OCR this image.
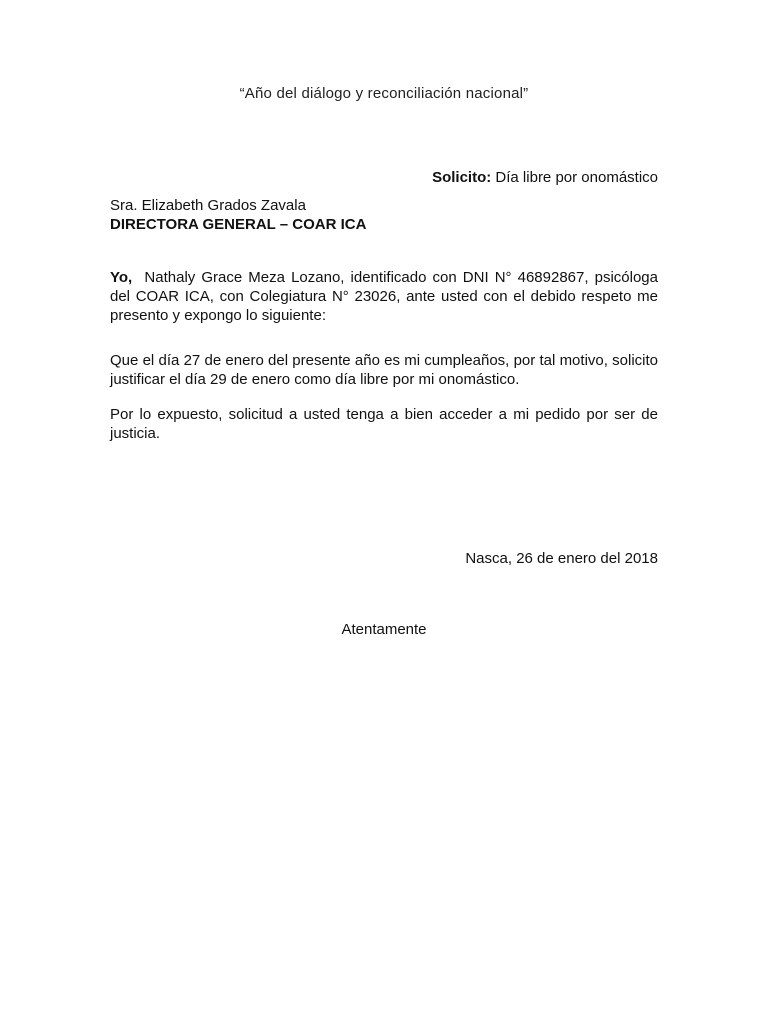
“Año del diálogo y reconciliación nacional”
Solicito: Día libre por onomástico
Sra. Elizabeth Grados Zavala
DIRECTORA GENERAL – COAR ICA
Yo, Nathaly Grace Meza Lozano, identificado con DNI N° 46892867, psicóloga del COAR ICA, con Colegiatura N° 23026, ante usted con el debido respeto me presento y expongo lo siguiente:
Que el día 27 de enero del presente año es mi cumpleaños, por tal motivo, solicito justificar el día 29 de enero como día libre por mi onomástico.
Por lo expuesto, solicitud a usted tenga a bien acceder a mi pedido por ser de justicia.
Nasca, 26 de enero del 2018
Atentamente
